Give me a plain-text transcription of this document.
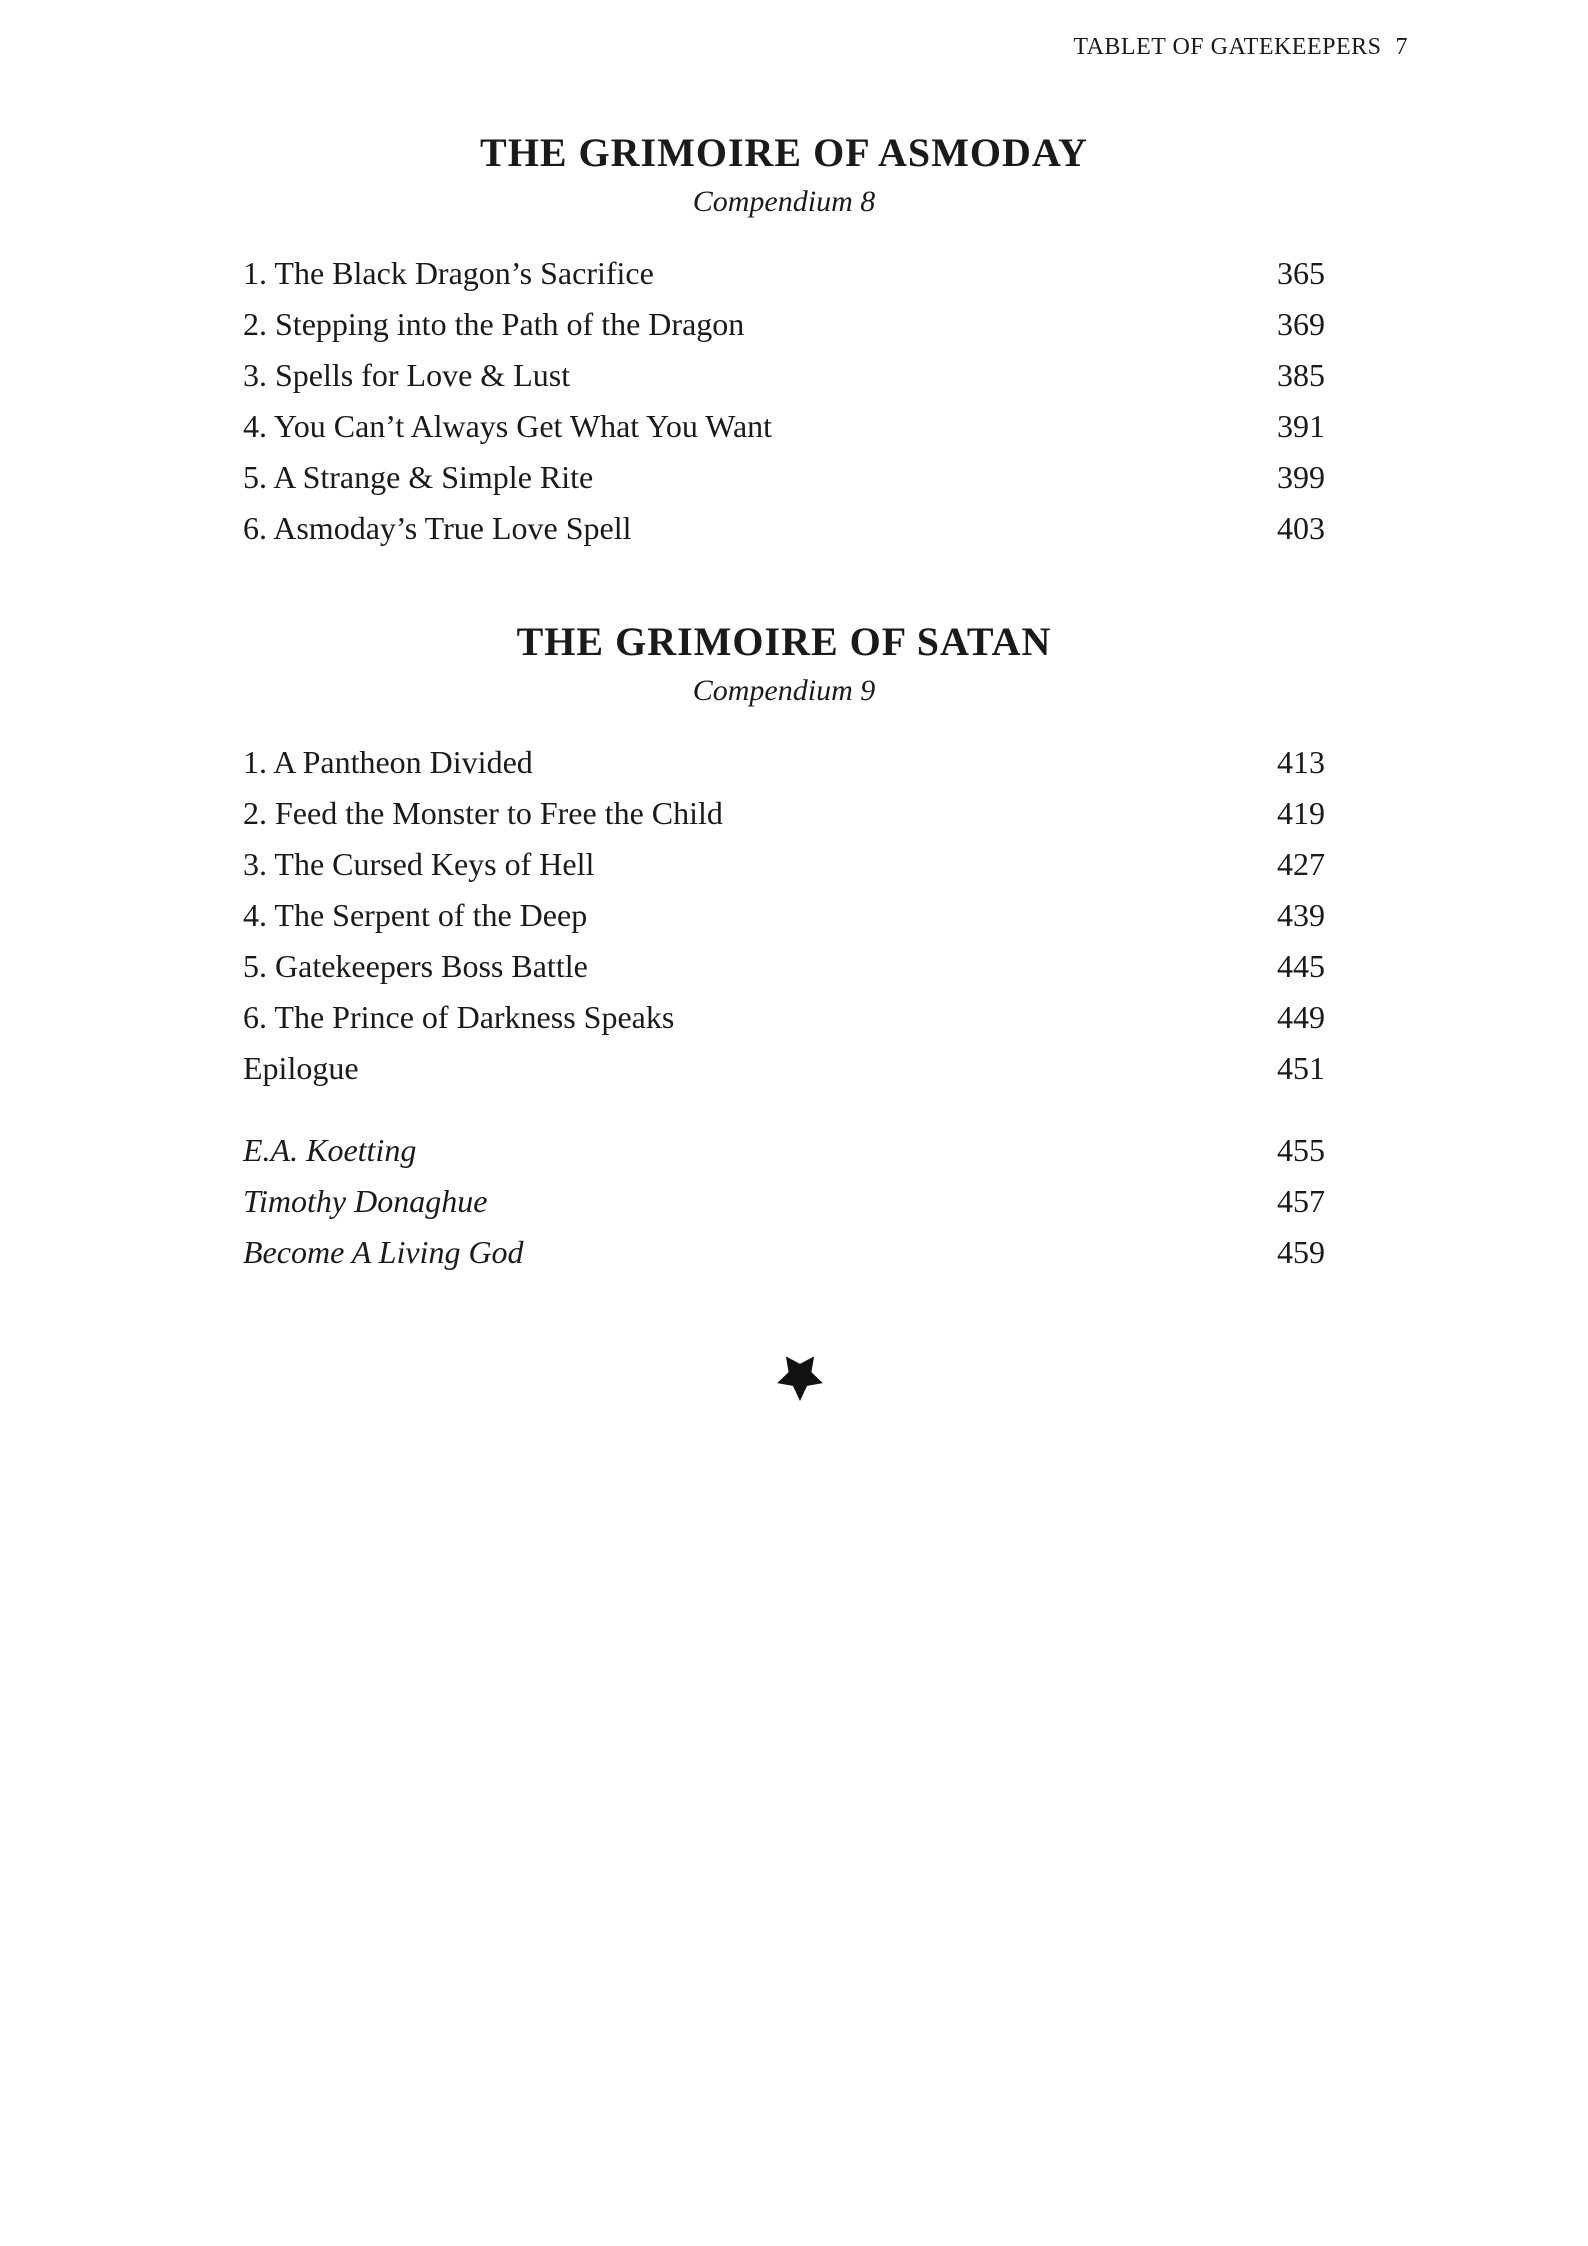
TABLET OF GATEKEEPERS 7
THE GRIMOIRE OF ASMODAY

Compendium 8

1. The Black Dragon’s Sacrifice	365
2. Stepping into the Path of the Dragon	369
3. Spells for Love & Lust	385
4. You Can’t Always Get What You Want	391
5. A Strange & Simple Rite	399
6. Asmoday’s True Love Spell	403
THE GRIMOIRE OF SATAN

Compendium 9

1. A Pantheon Divided	413
2. Feed the Monster to Free the Child	419
3. The Cursed Keys of Hell	427
4. The Serpent of the Deep	439
5. Gatekeepers Boss Battle	445
6. The Prince of Darkness Speaks	449
Epilogue	451
E.A. Koetting	455
Timothy Donaghue	457
Become A Living God	459
